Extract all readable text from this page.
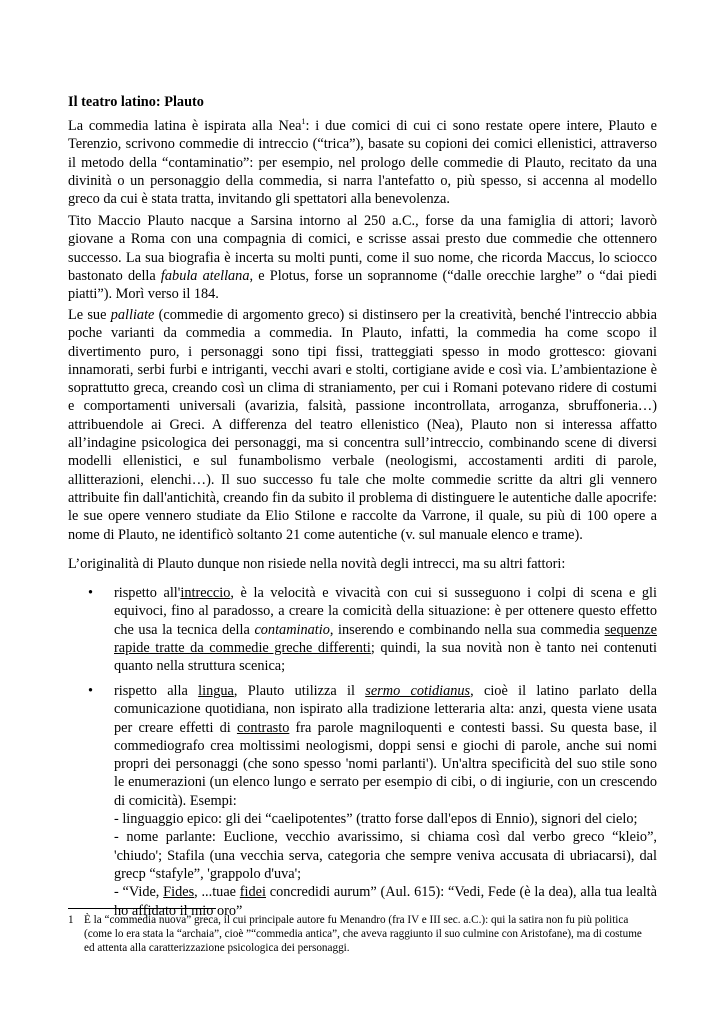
Il teatro latino: Plauto

La commedia latina è ispirata alla Nea$^1$: i due comici di cui ci sono restate opere intere, Plauto e Terenzio, scrivono commedie di intreccio (“trica”), basate su copioni dei comici ellenistici, attraverso il metodo della “contaminatio”: per esempio, nel prologo delle commedie di Plauto, recitato da una divinità o un personaggio della commedia, si narra l'antefatto o, più spesso, si accenna al modello greco da cui è stata tratta, invitando gli spettatori alla benevolenza.

Tito Maccio Plauto nacque a Sarsina intorno al 250 a.C., forse da una famiglia di attori; lavorò giovane a Roma con una compagnia di comici, e scrisse assai presto due commedie che ottennero successo. La sua biografia è incerta su molti punti, come il suo nome, che ricorda Maccus, lo sciocco bastonato della fabula atellana, e Plotus, forse un soprannome (“dalle orecchie larghe” o “dai piedi piatti”). Morì verso il 184.

Le sue palliate (commedie di argomento greco) si distinsero per la creatività, benché l'intreccio abbia poche varianti da commedia a commedia. In Plauto, infatti, la commedia ha come scopo il divertimento puro, i personaggi sono tipi fissi, tratteggiati spesso in modo grottesco: giovani innamorati, serbi furbi e intriganti, vecchi avari e stolti, cortigiane avide e così via. L’ambientazione è soprattutto greca, creando così un clima di straniamento, per cui i Romani potevano ridere di costumi e comportamenti universali (avarizia, falsità, passione incontrollata, arroganza, sbruffoneria…) attribuendole ai Greci. A differenza del teatro ellenistico (Nea), Plauto non si interessa affatto all’indagine psicologica dei personaggi, ma si concentra sull’intreccio, combinando scene di diversi modelli ellenistici, e sul funambolismo verbale (neologismi, accostamenti arditi di parole, allitterazioni, elenchi…). Il suo successo fu tale che molte commedie scritte da altri gli vennero attribuite fin dall'antichità, creando fin da subito il problema di distinguere le autentiche dalle apocrife: le sue opere vennero studiate da Elio Stilone e raccolte da Varrone, il quale, su più di 100 opere a nome di Plauto, ne identificò soltanto 21 come autentiche (v. sul manuale elenco e trame).

L’originalità di Plauto dunque non risiede nella novità degli intrecci, ma su altri fattori:

• rispetto all'intreccio, è la velocità e vivacità con cui si susseguono i colpi di scena e gli equivoci, fino al paradosso, a creare la comicità della situazione: è per ottenere questo effetto che usa la tecnica della contaminatio, inserendo e combinando nella sua commedia sequenze rapide tratte da commedie greche differenti; quindi, la sua novità non è tanto nei contenuti quanto nella struttura scenica;

• rispetto alla lingua, Plauto utilizza il sermo cotidianus, cioè il latino parlato della comunicazione quotidiana, non ispirato alla tradizione letteraria alta: anzi, questa viene usata per creare effetti di contrasto fra parole magniloquenti e contesti bassi. Su questa base, il commediografo crea moltissimi neologismi, doppi sensi e giochi di parole, anche sui nomi propri dei personaggi (che sono spesso 'nomi parlanti'). Un'altra specificità del suo stile sono le enumerazioni (un elenco lungo e serrato per esempio di cibi, o di ingiurie, con un crescendo di comicità). Esempi:
- linguaggio epico: gli dei “caelipotentes” (tratto forse dall'epos di Ennio), signori del cielo;
- nome parlante: Euclione, vecchio avarissimo, si chiama così dal verbo greco “kleio”, 'chiudo'; Stafila (una vecchia serva, categoria che sempre veniva accusata di ubriacarsi), dal grecp “stafyle”, 'grappolo d'uva';
- “Vide, Fides, ...tuae fidei concredidi aurum” (Aul. 615): “Vedi, Fede (è la dea), alla tua lealtà ho affidato il mio oro”
1 È la “commedia nuova” greca, il cui principale autore fu Menandro (fra IV e III sec. a.C.): qui la satira non fu più politica (come lo era stata la “archaia”, cioè ”“commedia antica”, che aveva raggiunto il suo culmine con Aristofane), ma di costume ed attenta alla caratterizzazione psicologica dei personaggi.
